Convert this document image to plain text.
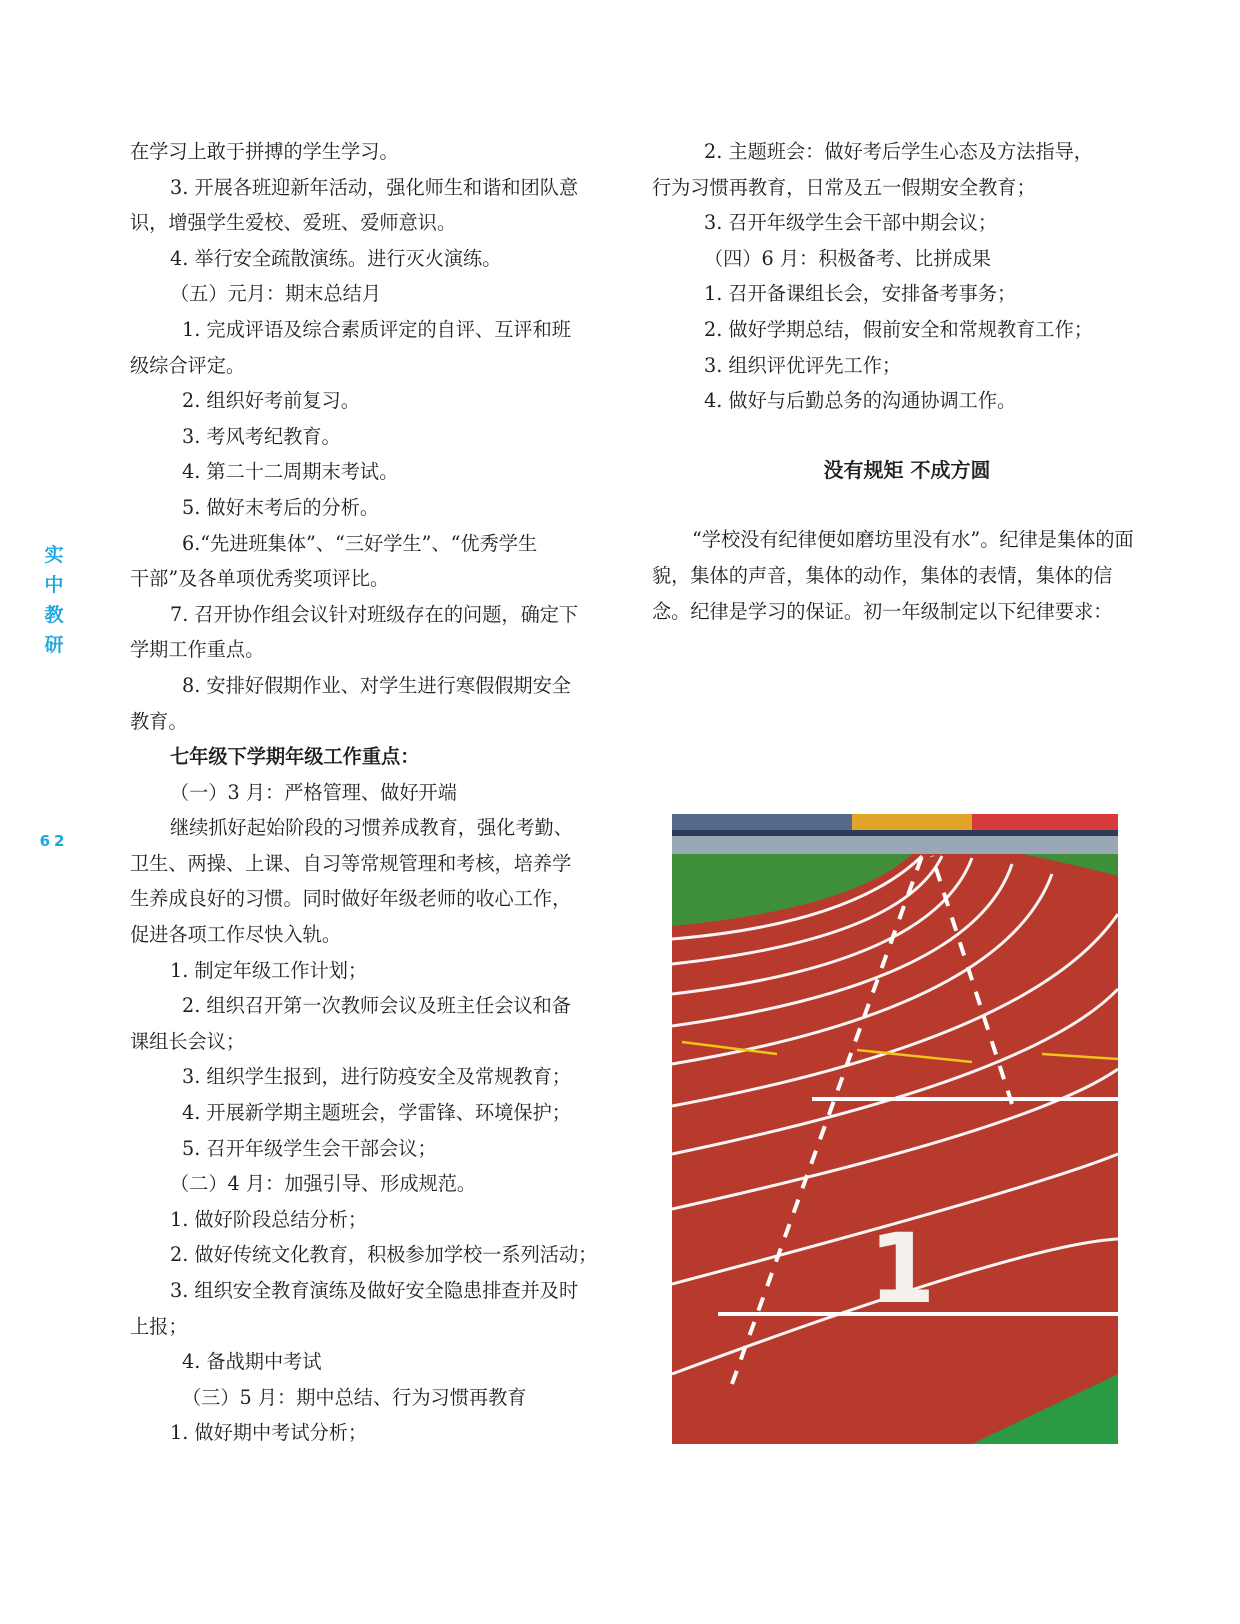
实
中
教
研
62

在学习上敢于拼搏的学生学习。

3. 开展各班迎新年活动，强化师生和谐和团队意

识，增强学生爱校、爱班、爱师意识。

4. 举行安全疏散演练。进行灭火演练。

（五）元月：期末总结月

1. 完成评语及综合素质评定的自评、互评和班

级综合评定。

2. 组织好考前复习。

3. 考风考纪教育。

4. 第二十二周期末考试。

5. 做好末考后的分析。

6.“先进班集体”、“三好学生”、“优秀学生

干部”及各单项优秀奖项评比。

7. 召开协作组会议针对班级存在的问题，确定下

学期工作重点。

8. 安排好假期作业、对学生进行寒假假期安全

教育。

七年级下学期年级工作重点：

（一）3 月：严格管理、做好开端

继续抓好起始阶段的习惯养成教育，强化考勤、

卫生、两操、上课、自习等常规管理和考核，培养学

生养成良好的习惯。同时做好年级老师的收心工作，

促进各项工作尽快入轨。

1. 制定年级工作计划；

2. 组织召开第一次教师会议及班主任会议和备

课组长会议；

3. 组织学生报到，进行防疫安全及常规教育；

4. 开展新学期主题班会，学雷锋、环境保护；

5. 召开年级学生会干部会议；

（二）4 月：加强引导、形成规范。

1. 做好阶段总结分析；

2. 做好传统文化教育，积极参加学校一系列活动；

3. 组织安全教育演练及做好安全隐患排查并及时

上报；

4. 备战期中考试

（三）5 月：期中总结、行为习惯再教育

1. 做好期中考试分析；

2. 主题班会：做好考后学生心态及方法指导，

行为习惯再教育，日常及五一假期安全教育；

3. 召开年级学生会干部中期会议；

（四）6 月：积极备考、比拼成果

1. 召开备课组长会，安排备考事务；

2. 做好学期总结，假前安全和常规教育工作；

3. 组织评优评先工作；

4. 做好与后勤总务的沟通协调工作。

没有规矩 不成方圆

“学校没有纪律便如磨坊里没有水”。纪律是集体的面貌，集体的声音，集体的动作，集体的表情，集体的信念。纪律是学习的保证。初一年级制定以下纪律要求：

1
